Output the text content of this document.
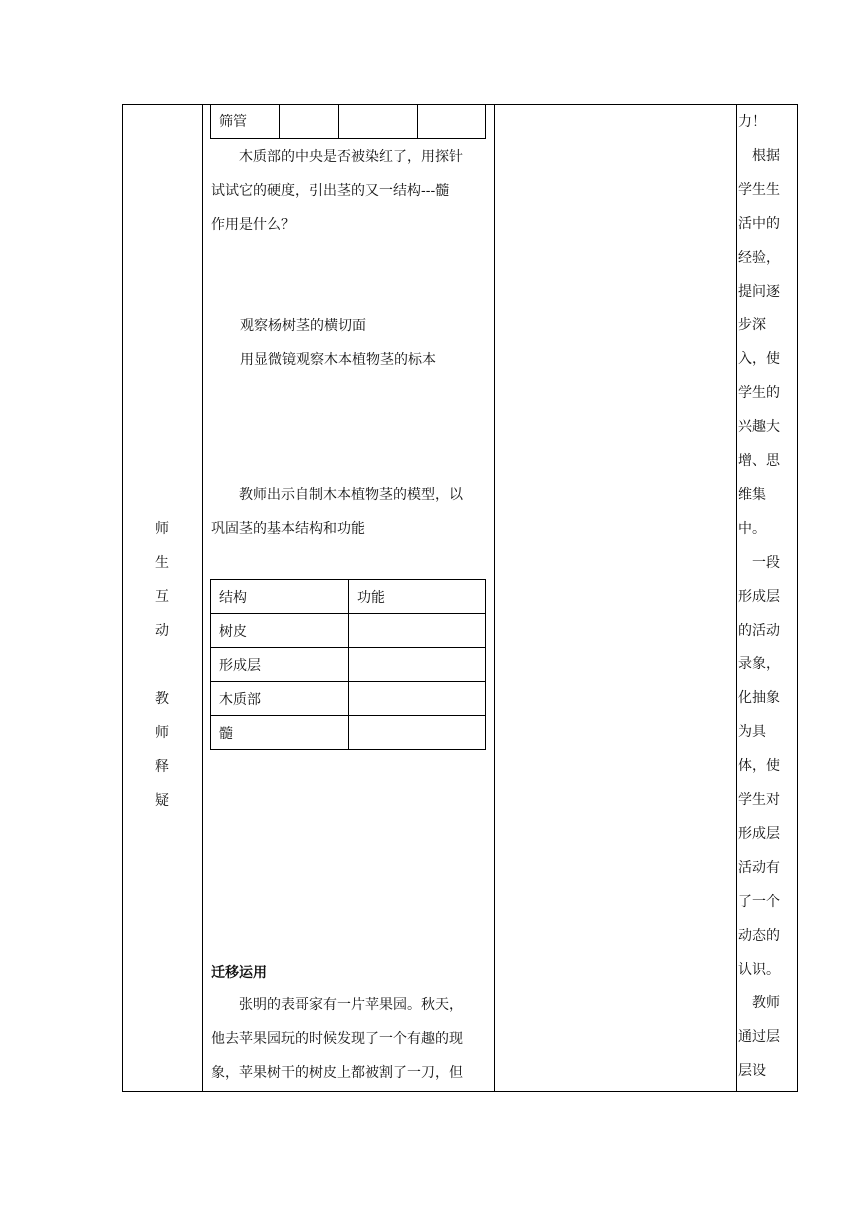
师
生
互
动
教
师
释
疑
筛管
木质部的中央是否被染红了，用探针
试试它的硬度，引出茎的又一结构---髓
作用是什么？
观察杨树茎的横切面
用显微镜观察木本植物茎的标本
教师出示自制木本植物茎的模型，以
巩固茎的基本结构和功能
结构	功能
树皮	
形成层	
木质部	
髓	
迁移运用
张明的表哥家有一片苹果园。秋天，
他去苹果园玩的时候发现了一个有趣的现
象，苹果树干的树皮上都被割了一刀，但
力！
　根据
学生生
活中的
经验，
提问逐
步深
入，使
学生的
兴趣大
增、思
维集
中。
　一段
形成层
的活动
录象，
化抽象
为具
体，使
学生对
形成层
活动有
了一个
动态的
认识。
　教师
通过层
层设
